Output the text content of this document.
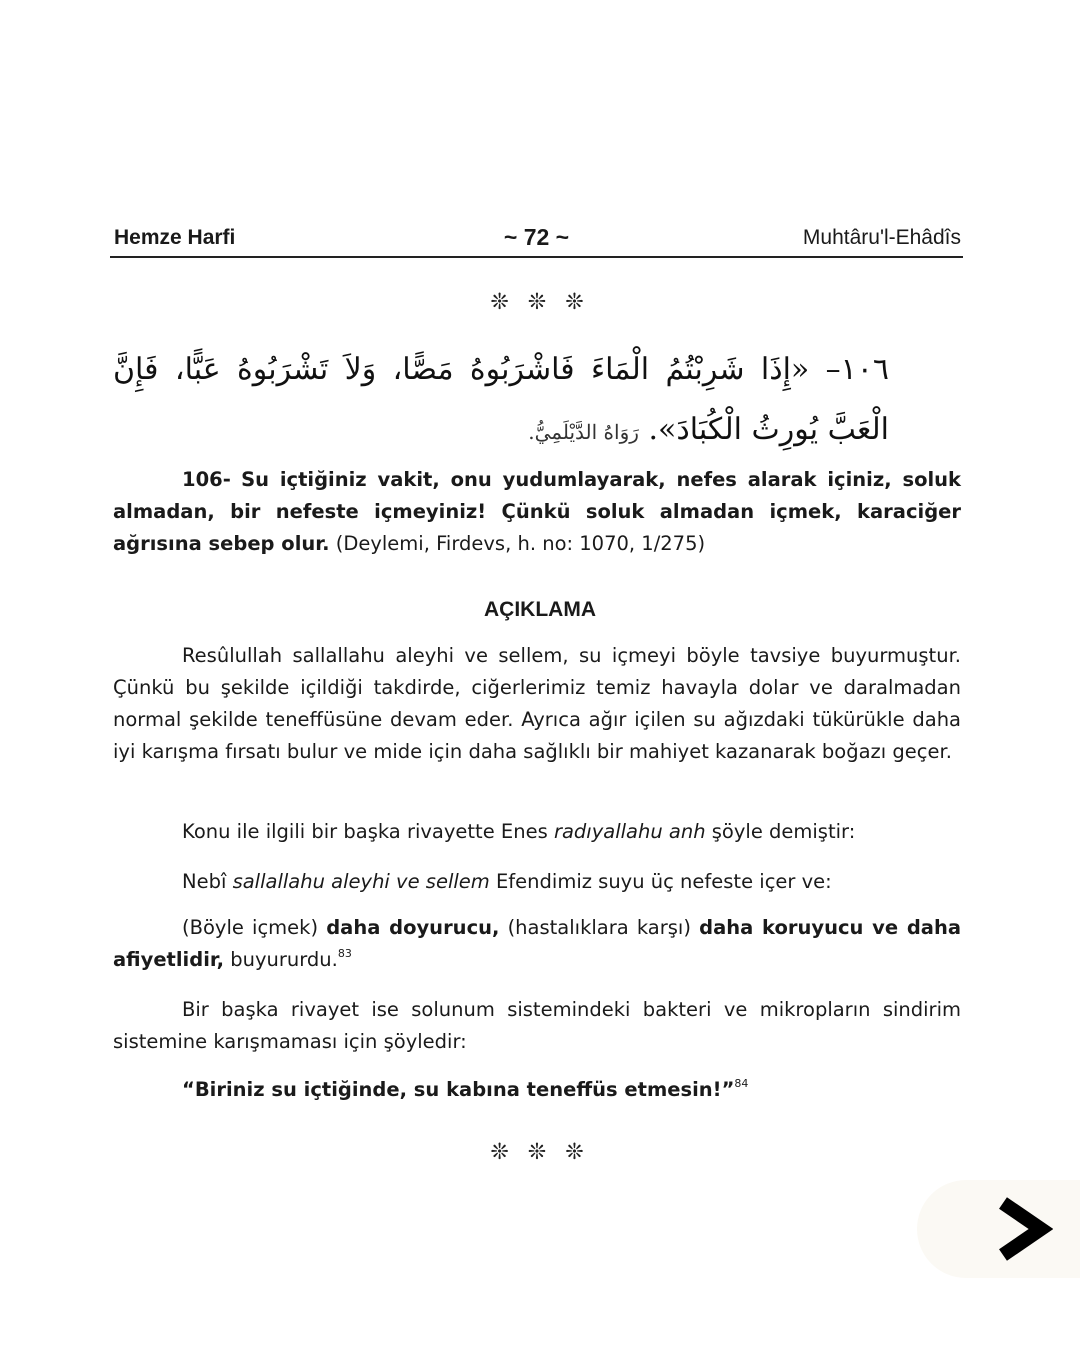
Hemze Harfi	~ 72 ~	Muhtâru'l-Ehâdîs
❊ ❊ ❊
١٠٦– «إِذَا شَرِبْتُمُ الْمَاءَ فَاشْرَبُوهُ مَصًّا، وَلاَ تَشْرَبُوهُ عَبًّا، فَإِنَّ الْعَبَّ يُورِثُ الْكُبَادَ». رَوَاهُ الدَّيْلَمِيُّ.
106- Su içtiğiniz vakit, onu yudumlayarak, nefes alarak içiniz, soluk almadan, bir nefeste içmeyiniz! Çünkü soluk almadan içmek, karaciğer ağrısına sebep olur. (Deylemi, Firdevs, h. no: 1070, 1/275)
AÇIKLAMA
Resûlullah sallallahu aleyhi ve sellem, su içmeyi böyle tavsiye buyurmuştur. Çünkü bu şekilde içildiği takdirde, ciğerlerimiz temiz havayla dolar ve daralmadan normal şekilde teneffüsüne devam eder. Ayrıca ağır içilen su ağızdaki tükürükle daha iyi karışma fırsatı bulur ve mide için daha sağlıklı bir mahiyet kazanarak boğazı geçer.
Konu ile ilgili bir başka rivayette Enes radıyallahu anh şöyle demiştir:
Nebî sallallahu aleyhi ve sellem Efendimiz suyu üç nefeste içer ve:
(Böyle içmek) daha doyurucu, (hastalıklara karşı) daha koruyucu ve daha afiyetlidir, buyururdu.$^{83}$
Bir başka rivayet ise solunum sistemindeki bakteri ve mikropların sindirim sistemine karışmaması için şöyledir:
“Biriniz su içtiğinde, su kabına teneffüs etmesin!”$^{84}$
❊ ❊ ❊
